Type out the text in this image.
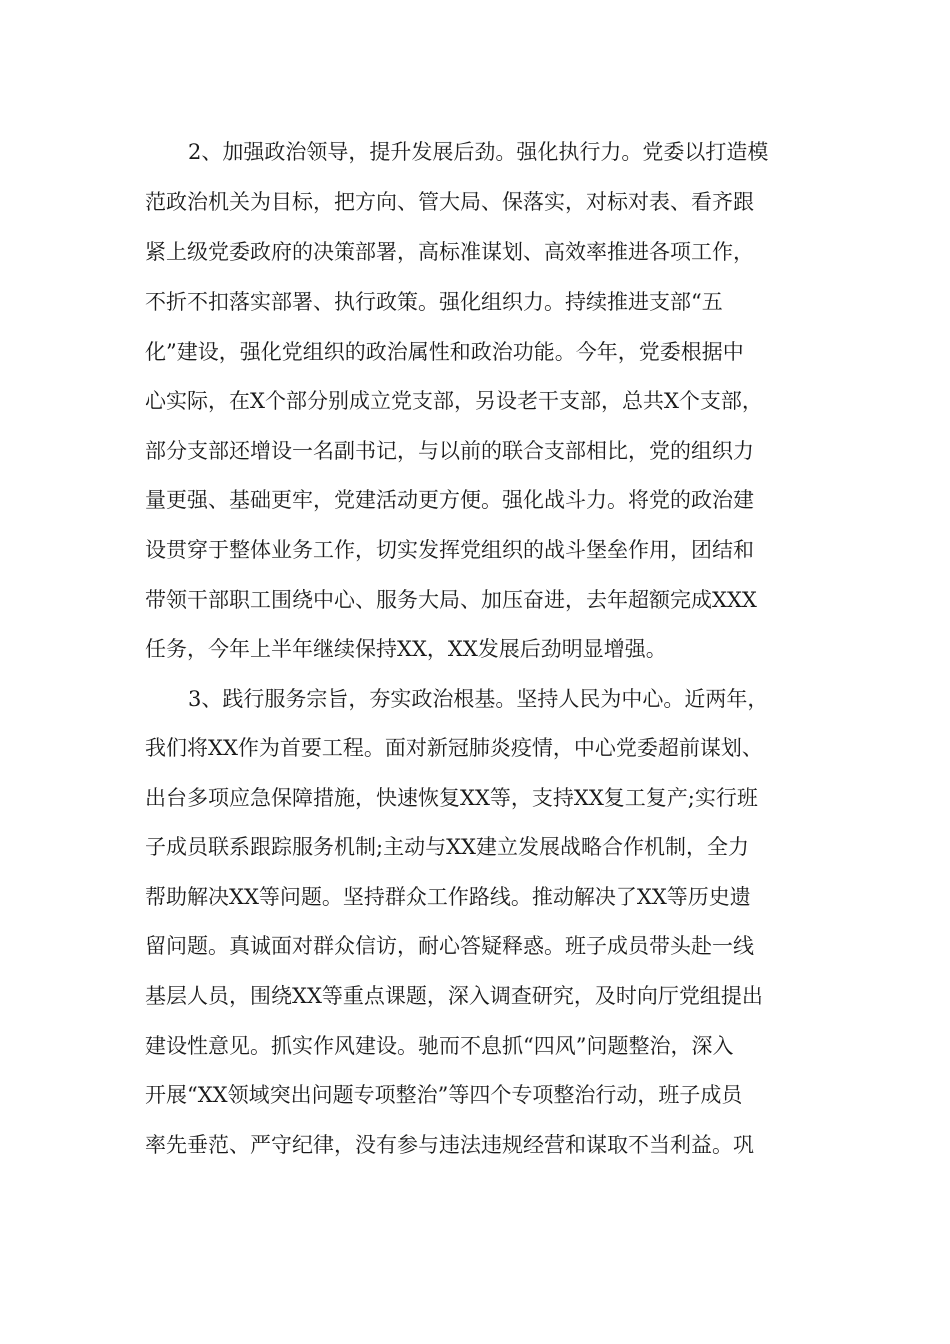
2、加强政治领导，提升发展后劲。强化执行力。党委以打造模
范政治机关为目标，把方向、管大局、保落实，对标对表、看齐跟
紧上级党委政府的决策部署，高标准谋划、高效率推进各项工作，
不折不扣落实部署、执行政策。强化组织力。持续推进支部“五
化”建设，强化党组织的政治属性和政治功能。今年，党委根据中
心实际，在X个部分别成立党支部，另设老干支部，总共X个支部，
部分支部还增设一名副书记，与以前的联合支部相比，党的组织力
量更强、基础更牢，党建活动更方便。强化战斗力。将党的政治建
设贯穿于整体业务工作，切实发挥党组织的战斗堡垒作用，团结和
带领干部职工围绕中心、服务大局、加压奋进，去年超额完成XXX
任务，今年上半年继续保持XX，XX发展后劲明显增强。
3、践行服务宗旨，夯实政治根基。坚持人民为中心。近两年，
我们将XX作为首要工程。面对新冠肺炎疫情，中心党委超前谋划、
出台多项应急保障措施，快速恢复XX等，支持XX复工复产;实行班
子成员联系跟踪服务机制;主动与XX建立发展战略合作机制，全力
帮助解决XX等问题。坚持群众工作路线。推动解决了XX等历史遗
留问题。真诚面对群众信访，耐心答疑释惑。班子成员带头赴一线
基层人员，围绕XX等重点课题，深入调查研究，及时向厅党组提出
建设性意见。抓实作风建设。驰而不息抓“四风”问题整治，深入
开展“XX领域突出问题专项整治”等四个专项整治行动，班子成员
率先垂范、严守纪律，没有参与违法违规经营和谋取不当利益。巩
